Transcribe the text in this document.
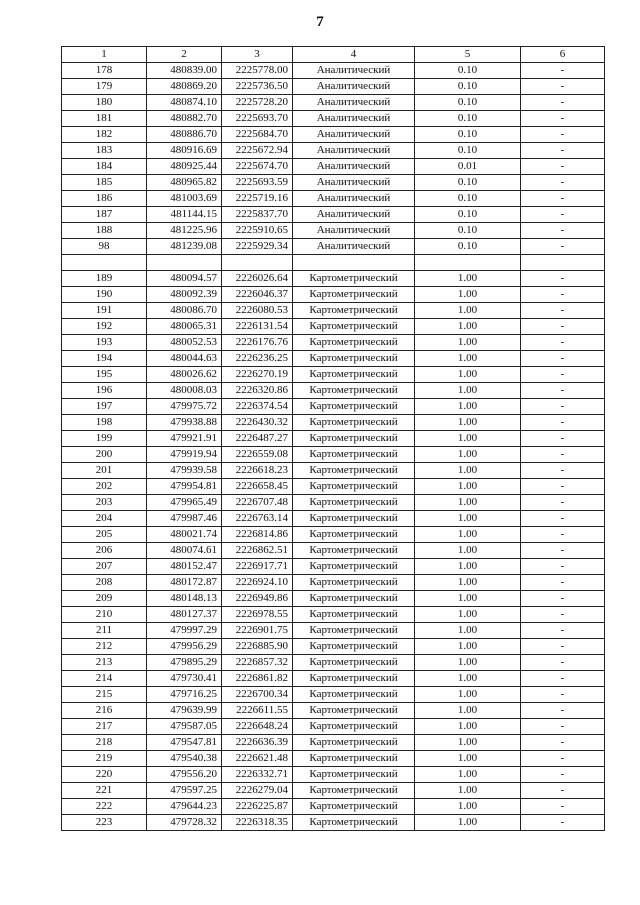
7
1	2	3	4	5	6
178	480839.00	2225778.00	Аналитический	0.10	-
179	480869.20	2225736.50	Аналитический	0.10	-
180	480874.10	2225728.20	Аналитический	0.10	-
181	480882.70	2225693.70	Аналитический	0.10	-
182	480886.70	2225684.70	Аналитический	0.10	-
183	480916.69	2225672.94	Аналитический	0.10	-
184	480925.44	2225674.70	Аналитический	0.01	-
185	480965.82	2225693.59	Аналитический	0.10	-
186	481003.69	2225719.16	Аналитический	0.10	-
187	481144.15	2225837.70	Аналитический	0.10	-
188	481225.96	2225910.65	Аналитический	0.10	-
98	481239.08	2225929.34	Аналитический	0.10	-

189	480094.57	2226026.64	Картометрический	1.00	-
190	480092.39	2226046.37	Картометрический	1.00	-
191	480086.70	2226080.53	Картометрический	1.00	-
192	480065.31	2226131.54	Картометрический	1.00	-
193	480052.53	2226176.76	Картометрический	1.00	-
194	480044.63	2226236.25	Картометрический	1.00	-
195	480026.62	2226270.19	Картометрический	1.00	-
196	480008.03	2226320.86	Картометрический	1.00	-
197	479975.72	2226374.54	Картометрический	1.00	-
198	479938.88	2226430.32	Картометрический	1.00	-
199	479921.91	2226487.27	Картометрический	1.00	-
200	479919.94	2226559.08	Картометрический	1.00	-
201	479939.58	2226618.23	Картометрический	1.00	-
202	479954.81	2226658.45	Картометрический	1.00	-
203	479965.49	2226707.48	Картометрический	1.00	-
204	479987.46	2226763.14	Картометрический	1.00	-
205	480021.74	2226814.86	Картометрический	1.00	-
206	480074.61	2226862.51	Картометрический	1.00	-
207	480152.47	2226917.71	Картометрический	1.00	-
208	480172.87	2226924.10	Картометрический	1.00	-
209	480148.13	2226949.86	Картометрический	1.00	-
210	480127.37	2226978.55	Картометрический	1.00	-
211	479997.29	2226901.75	Картометрический	1.00	-
212	479956.29	2226885.90	Картометрический	1.00	-
213	479895.29	2226857.32	Картометрический	1.00	-
214	479730.41	2226861.82	Картометрический	1.00	-
215	479716.25	2226700.34	Картометрический	1.00	-
216	479639.99	2226611.55	Картометрический	1.00	-
217	479587.05	2226648.24	Картометрический	1.00	-
218	479547.81	2226636.39	Картометрический	1.00	-
219	479540.38	2226621.48	Картометрический	1.00	-
220	479556.20	2226332.71	Картометрический	1.00	-
221	479597.25	2226279.04	Картометрический	1.00	-
222	479644.23	2226225.87	Картометрический	1.00	-
223	479728.32	2226318.35	Картометрический	1.00	-
